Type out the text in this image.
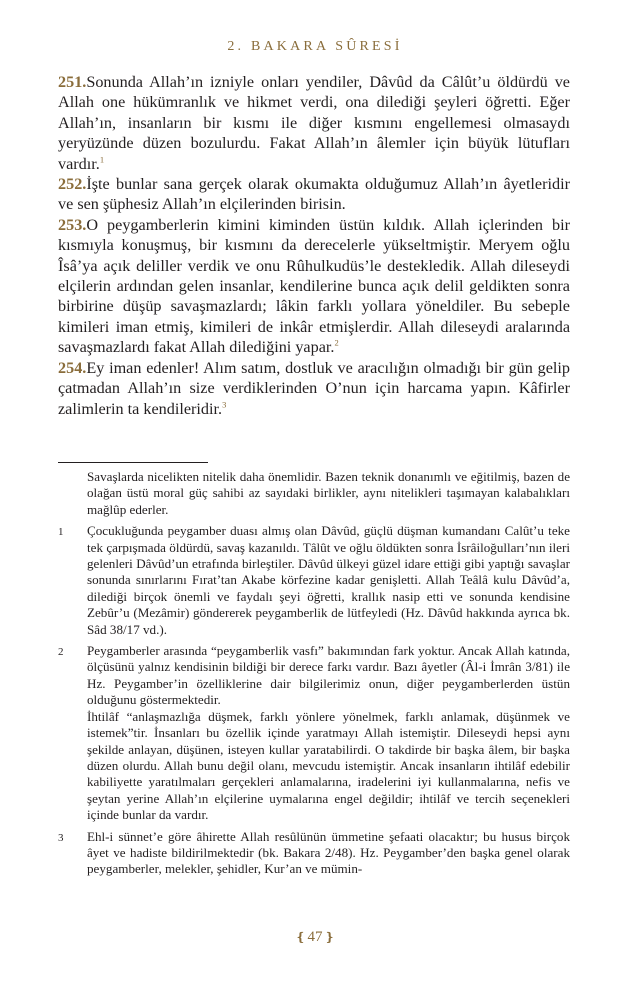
2. BAKARA SÛRESİ

251.Sonunda Allah’ın izniyle onları yendiler, Dâvûd da Câlût’u öldürdü ve Allah one hükümranlık ve hikmet verdi, ona dilediği şeyleri öğretti. Eğer Allah’ın, insanların bir kısmı ile diğer kısmını engellemesi olmasaydı yeryüzünde düzen bozulurdu. Fakat Allah’ın âlemler için büyük lütufları vardır.$^1$

252.İşte bunlar sana gerçek olarak okumakta olduğumuz Allah’ın âyetleridir ve sen şüphesiz Allah’ın elçilerinden birisin.

253.O peygamberlerin kimini kiminden üstün kıldık. Allah içlerinden bir kısmıyla konuşmuş, bir kısmını da derecelerle yükseltmiştir. Meryem oğlu Îsâ’ya açık deliller verdik ve onu Rûhulkudüs’le destekledik. Allah dileseydi elçilerin ardından gelen insanlar, kendilerine bunca açık delil geldikten sonra birbirine düşüp savaşmazlardı; lâkin farklı yollara yöneldiler. Bu sebeple kimileri iman etmiş, kimileri de inkâr etmişlerdir. Allah dileseydi aralarında savaşmazlardı fakat Allah dilediğini yapar.$^2$

254.Ey iman edenler! Alım satım, dostluk ve aracılığın olmadığı bir gün gelip çatmadan Allah’ın size verdiklerinden O’nun için harcama yapın. Kâfirler zalimlerin ta kendileridir.$^3$

Savaşlarda nicelikten nitelik daha önemlidir. Bazen teknik donanımlı ve eğitilmiş, bazen de olağan üstü moral güç sahibi az sayıdaki birlikler, aynı nitelikleri taşımayan kalabalıkları mağlûp ederler.

1	Çocukluğunda peygamber duası almış olan Dâvûd, güçlü düşman kumandanı Calût’u teke tek çarpışmada öldürdü, savaş kazanıldı. Tâlût ve oğlu öldükten sonra İsrâiloğulları’nın ileri gelenleri Dâvûd’un etrafında birleştiler. Dâvûd ülkeyi güzel idare ettiği gibi yaptığı savaşlar sonunda sınırlarını Fırat’tan Akabe körfezine kadar genişletti. Allah Teâlâ kulu Dâvûd’a, dilediği birçok önemli ve faydalı şeyi öğretti, krallık nasip etti ve sonunda kendisine Zebûr’u (Mezâmir) göndererek peygamberlik de lütfeyledi (Hz. Dâvûd hakkında ayrıca bk. Sâd 38/17 vd.).

2	Peygamberler arasında “peygamberlik vasfı” bakımından fark yoktur. Ancak Allah katında, ölçüsünü yalnız kendisinin bildiği bir derece farkı vardır. Bazı âyetler (Âl-i İmrân 3/81) ile Hz. Peygamber’in özelliklerine dair bilgilerimiz onun, diğer peygamberlerden üstün olduğunu göstermektedir.

İhtilâf “anlaşmazlığa düşmek, farklı yönlere yönelmek, farklı anlamak, düşünmek ve istemek”tir. İnsanları bu özellik içinde yaratmayı Allah istemiştir. Dileseydi hepsi aynı şekilde anlayan, düşünen, isteyen kullar yaratabilirdi. O takdirde bir başka âlem, bir başka düzen olurdu. Allah bunu değil olanı, mevcudu istemiştir. Ancak insanların ihtilâf edebilir kabiliyette yaratılmaları gerçekleri anlamalarına, iradelerini iyi kullanmalarına, nefis ve şeytan yerine Allah’ın elçilerine uymalarına engel değildir; ihtilâf ve tercih seçenekleri içinde bunlar da vardır.

3	Ehl-i sünnet’e göre âhirette Allah resûlünün ümmetine şefaati olacaktır; bu husus birçok âyet ve hadiste bildirilmektedir (bk. Bakara 2/48). Hz. Peygamber’den başka genel olarak peygamberler, melekler, şehidler, Kur’an ve mümin-

❴ 47 ❵
